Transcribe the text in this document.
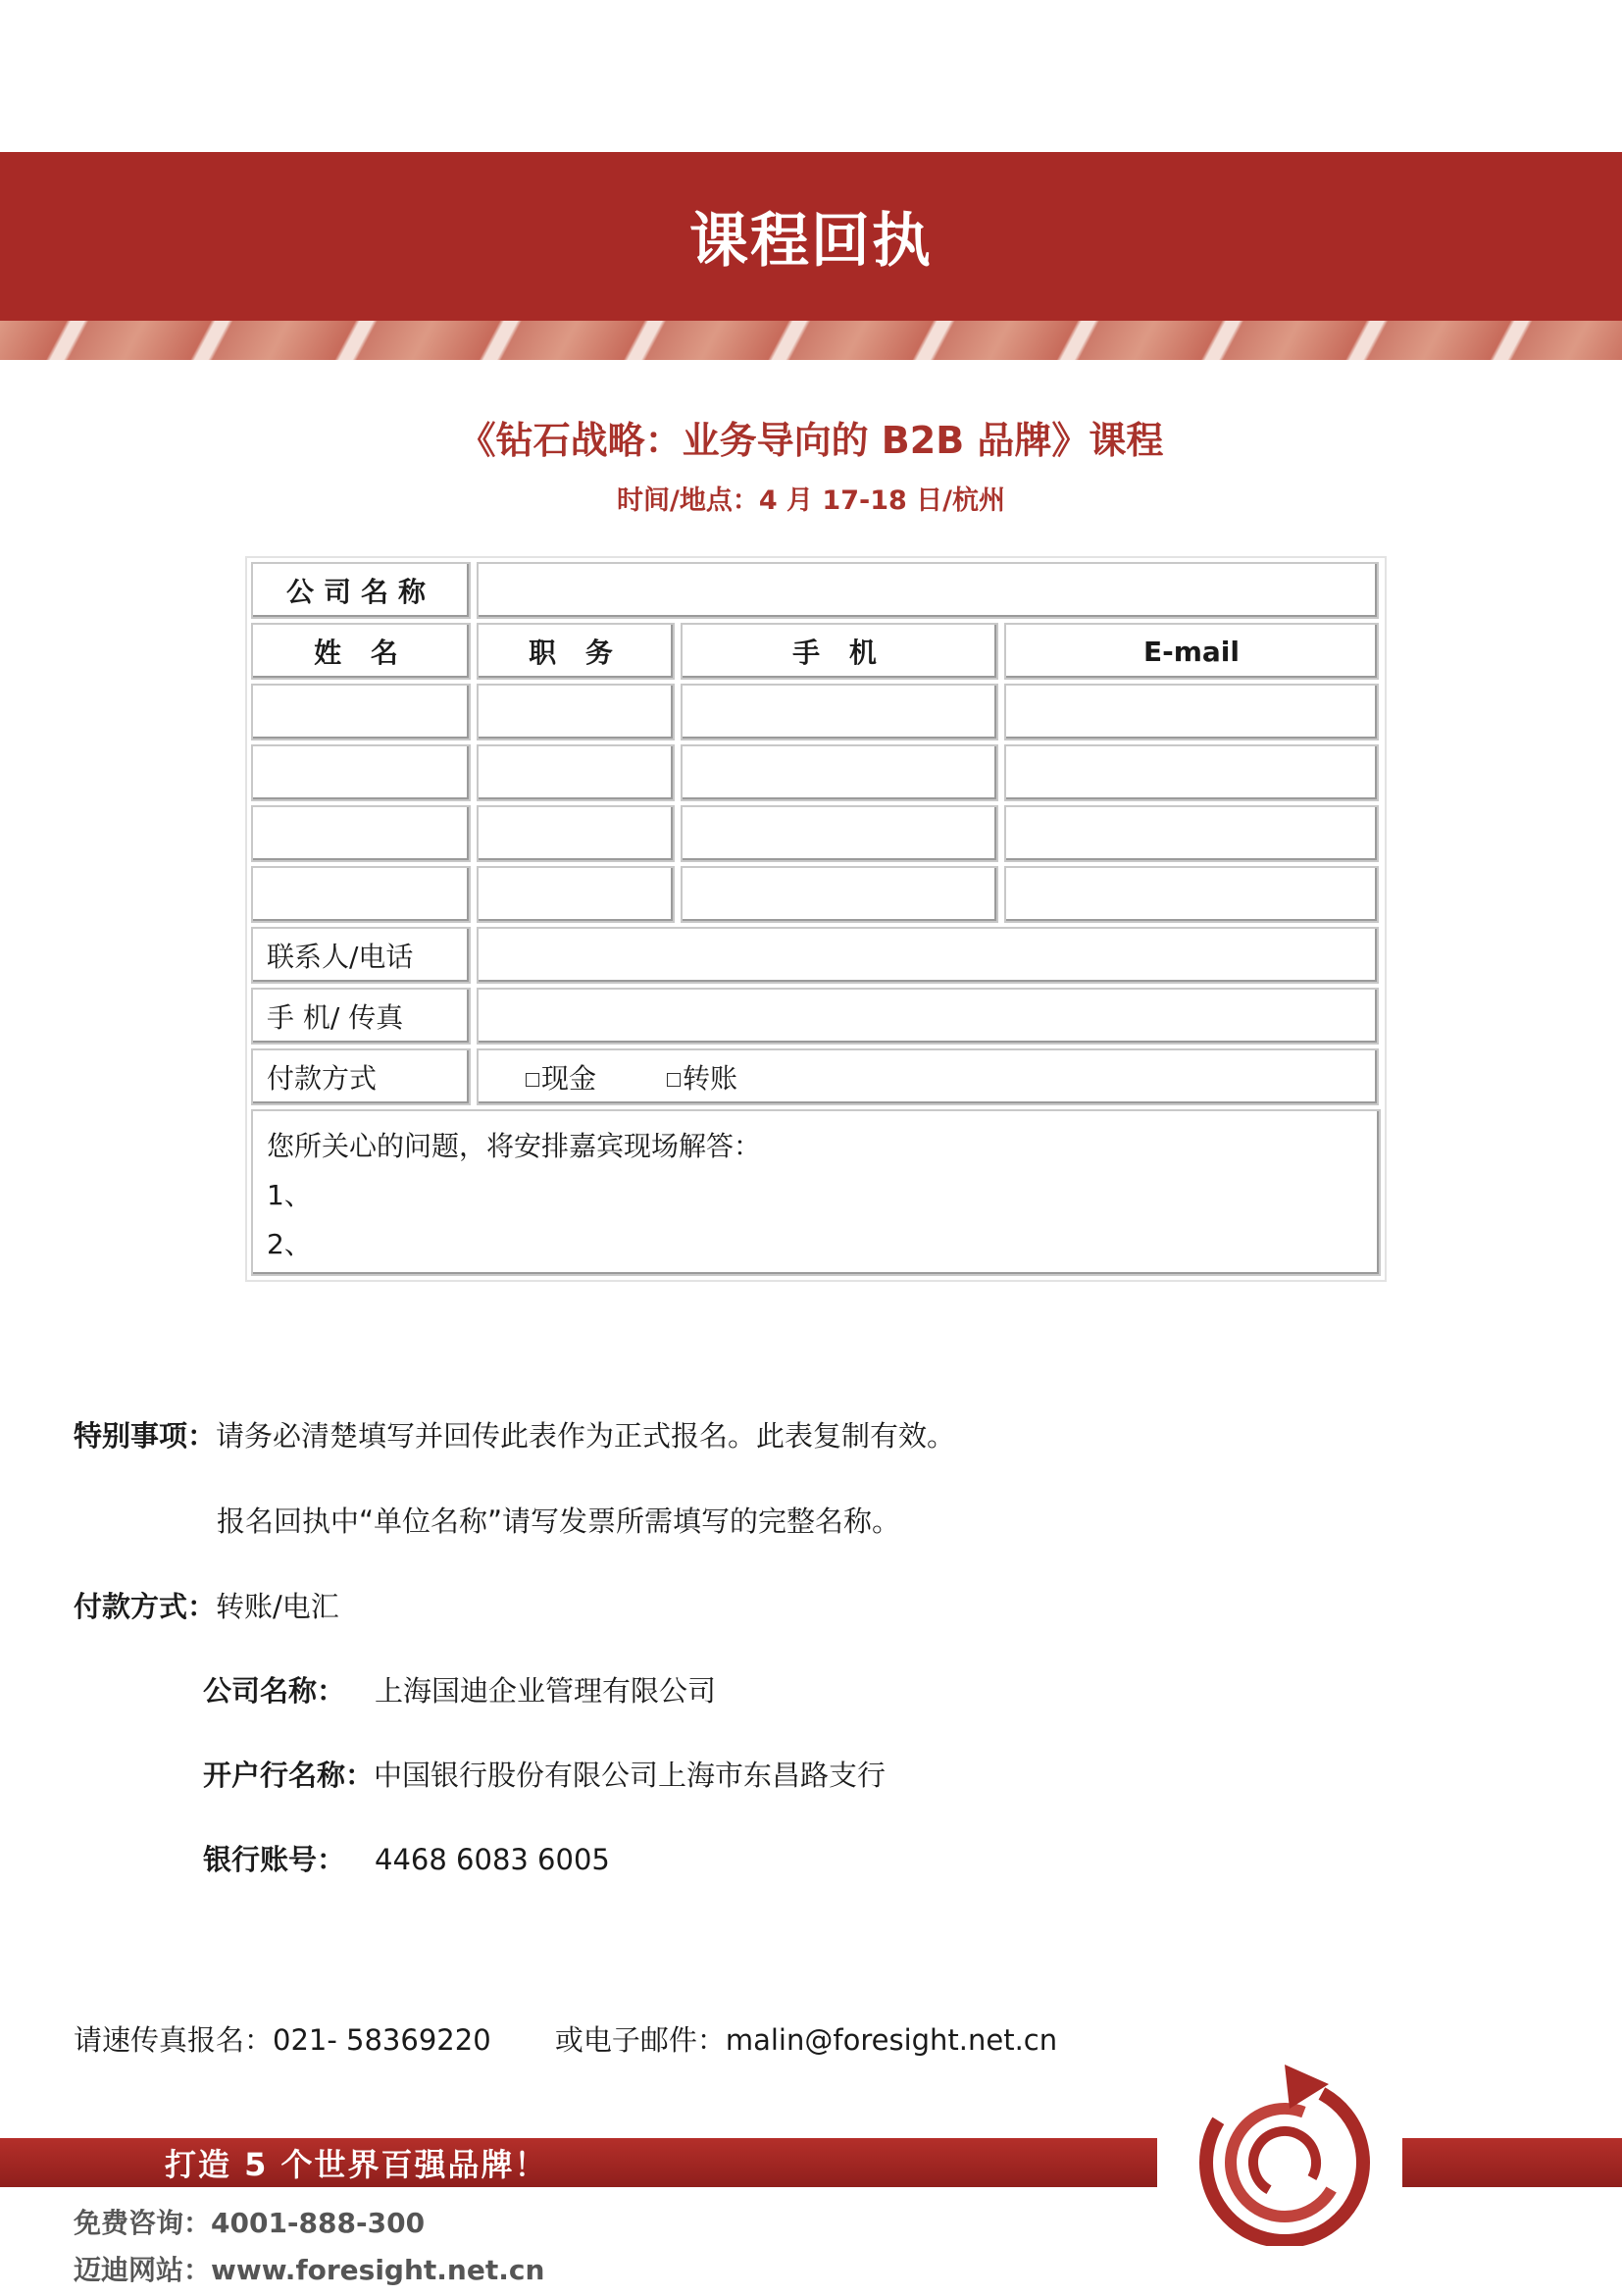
课程回执
《钻石战略：业务导向的 B2B 品牌》课程
时间/地点：4 月 17-18 日/杭州
公司名称
姓 名	职 务	手 机	E-mail
联系人/电话
手 机/ 传真
付款方式	现金	转账
您所关心的问题，将安排嘉宾现场解答：
1、
2、
特别事项：请务必清楚填写并回传此表作为正式报名。此表复制有效。
报名回执中“单位名称”请写发票所需填写的完整名称。
付款方式：转账/电汇
公司名称： 上海国迪企业管理有限公司
开户行名称：中国银行股份有限公司上海市东昌路支行
银行账号： 4468 6083 6005
请速传真报名：021- 58369220 或电子邮件：malin@foresight.net.cn
打造 5 个世界百强品牌！
免费咨询：4001-888-300
迈迪网站：www.foresight.net.cn
